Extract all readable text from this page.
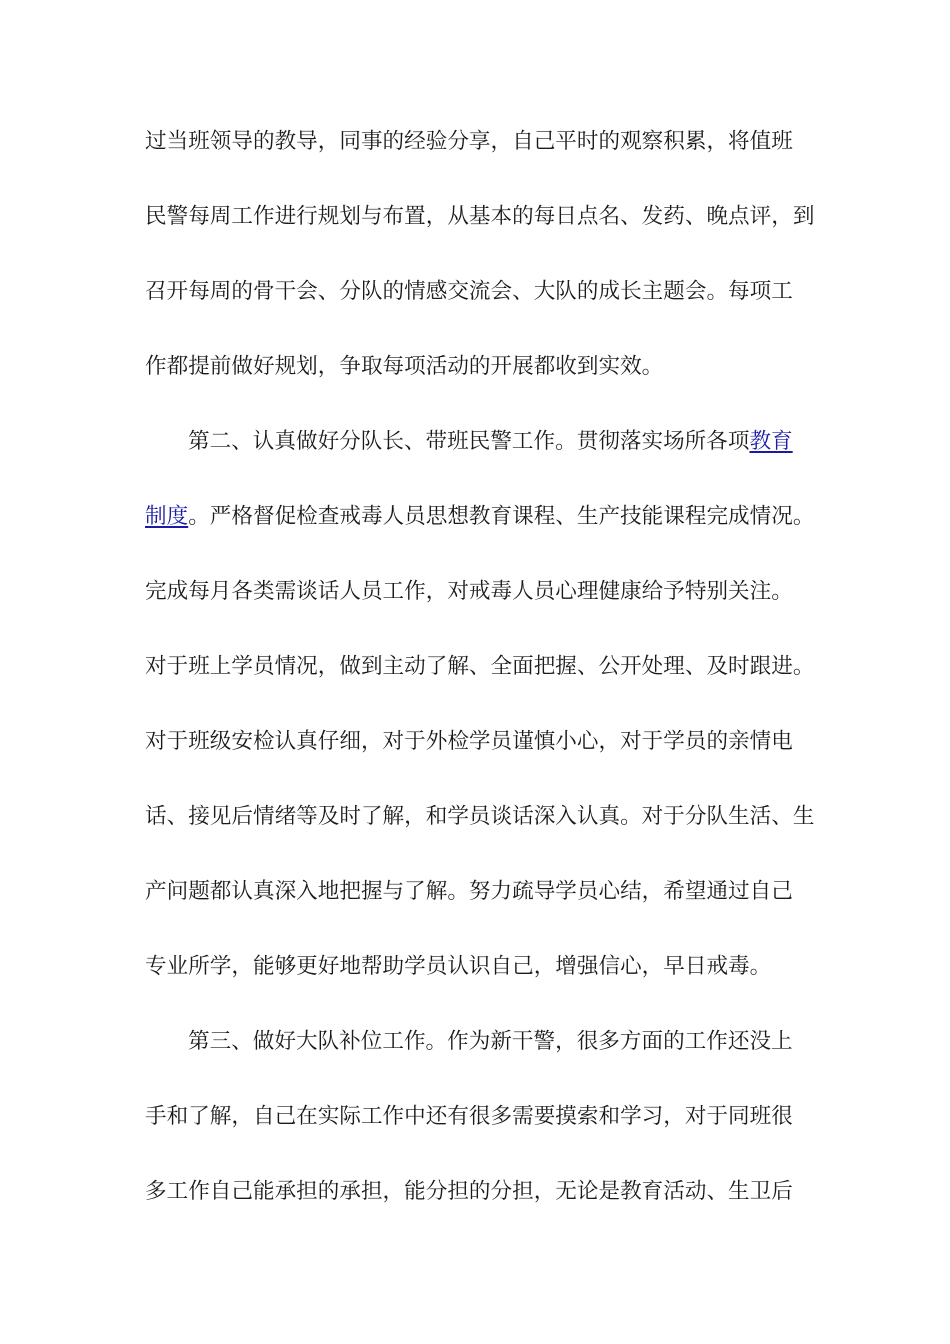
过当班领导的教导，同事的经验分享，自己平时的观察积累，将值班
民警每周工作进行规划与布置，从基本的每日点名、发药、晚点评，到
召开每周的骨干会、分队的情感交流会、大队的成长主题会。每项工
作都提前做好规划，争取每项活动的开展都收到实效。
第二、认真做好分队长、带班民警工作。贯彻落实场所各项教育
制度。严格督促检查戒毒人员思想教育课程、生产技能课程完成情况。
完成每月各类需谈话人员工作，对戒毒人员心理健康给予特别关注。
对于班上学员情况，做到主动了解、全面把握、公开处理、及时跟进。
对于班级安检认真仔细，对于外检学员谨慎小心，对于学员的亲情电
话、接见后情绪等及时了解，和学员谈话深入认真。对于分队生活、生
产问题都认真深入地把握与了解。努力疏导学员心结，希望通过自己
专业所学，能够更好地帮助学员认识自己，增强信心，早日戒毒。
第三、做好大队补位工作。作为新干警，很多方面的工作还没上
手和了解，自己在实际工作中还有很多需要摸索和学习，对于同班很
多工作自己能承担的承担，能分担的分担，无论是教育活动、生卫后
